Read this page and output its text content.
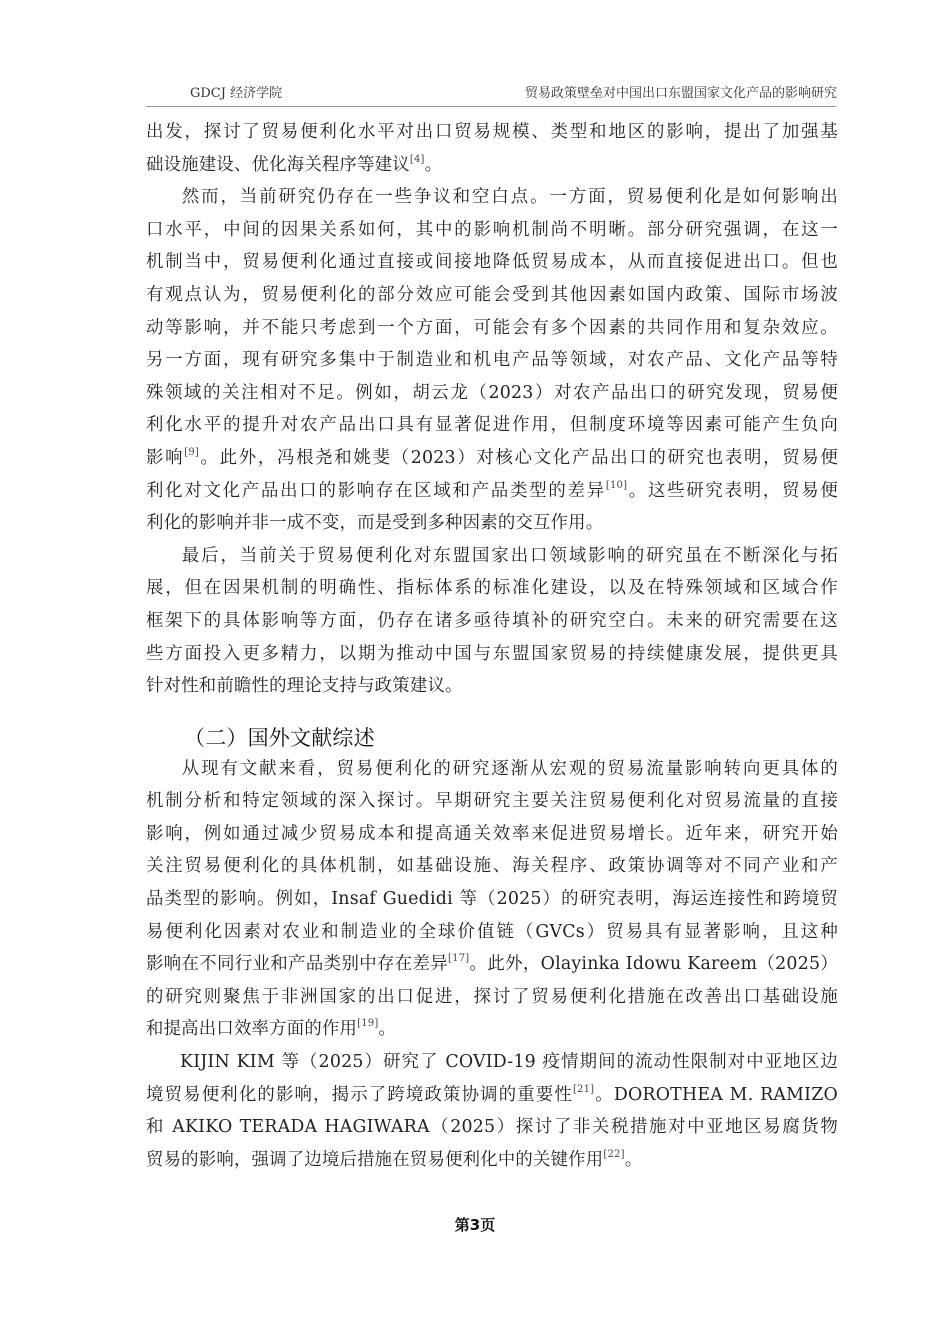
GDCJ 经济学院	贸易政策壁垒对中国出口东盟国家文化产品的影响研究
出发，探讨了贸易便利化水平对出口贸易规模、类型和地区的影响，提出了加强基
础设施建设、优化海关程序等建议[4]。
然而，当前研究仍存在一些争议和空白点。一方面，贸易便利化是如何影响出
口水平，中间的因果关系如何，其中的影响机制尚不明晰。部分研究强调，在这一
机制当中，贸易便利化通过直接或间接地降低贸易成本，从而直接促进出口。但也
有观点认为，贸易便利化的部分效应可能会受到其他因素如国内政策、国际市场波
动等影响，并不能只考虑到一个方面，可能会有多个因素的共同作用和复杂效应。
另一方面，现有研究多集中于制造业和机电产品等领域，对农产品、文化产品等特
殊领域的关注相对不足。例如，胡云龙（2023）对农产品出口的研究发现，贸易便
利化水平的提升对农产品出口具有显著促进作用，但制度环境等因素可能产生负向
影响[9]。此外，冯根尧和姚斐（2023）对核心文化产品出口的研究也表明，贸易便
利化对文化产品出口的影响存在区域和产品类型的差异[10]。这些研究表明，贸易便
利化的影响并非一成不变，而是受到多种因素的交互作用。
最后，当前关于贸易便利化对东盟国家出口领域影响的研究虽在不断深化与拓
展，但在因果机制的明确性、指标体系的标准化建设，以及在特殊领域和区域合作
框架下的具体影响等方面，仍存在诸多亟待填补的研究空白。未来的研究需要在这
些方面投入更多精力，以期为推动中国与东盟国家贸易的持续健康发展，提供更具
针对性和前瞻性的理论支持与政策建议。
（二）国外文献综述
从现有文献来看，贸易便利化的研究逐渐从宏观的贸易流量影响转向更具体的
机制分析和特定领域的深入探讨。早期研究主要关注贸易便利化对贸易流量的直接
影响，例如通过减少贸易成本和提高通关效率来促进贸易增长。近年来，研究开始
关注贸易便利化的具体机制，如基础设施、海关程序、政策协调等对不同产业和产
品类型的影响。例如，Insaf Guedidi 等（2025）的研究表明，海运连接性和跨境贸
易便利化因素对农业和制造业的全球价值链（GVCs）贸易具有显著影响，且这种
影响在不同行业和产品类别中存在差异[17]。此外，Olayinka Idowu Kareem（2025）
的研究则聚焦于非洲国家的出口促进，探讨了贸易便利化措施在改善出口基础设施
和提高出口效率方面的作用[19]。
KIJIN KIM 等（2025）研究了 COVID-19 疫情期间的流动性限制对中亚地区边
境贸易便利化的影响，揭示了跨境政策协调的重要性[21]。DOROTHEA M. RAMIZO
和 AKIKO TERADA HAGIWARA（2025）探讨了非关税措施对中亚地区易腐货物
贸易的影响，强调了边境后措施在贸易便利化中的关键作用[22]。
第3页
